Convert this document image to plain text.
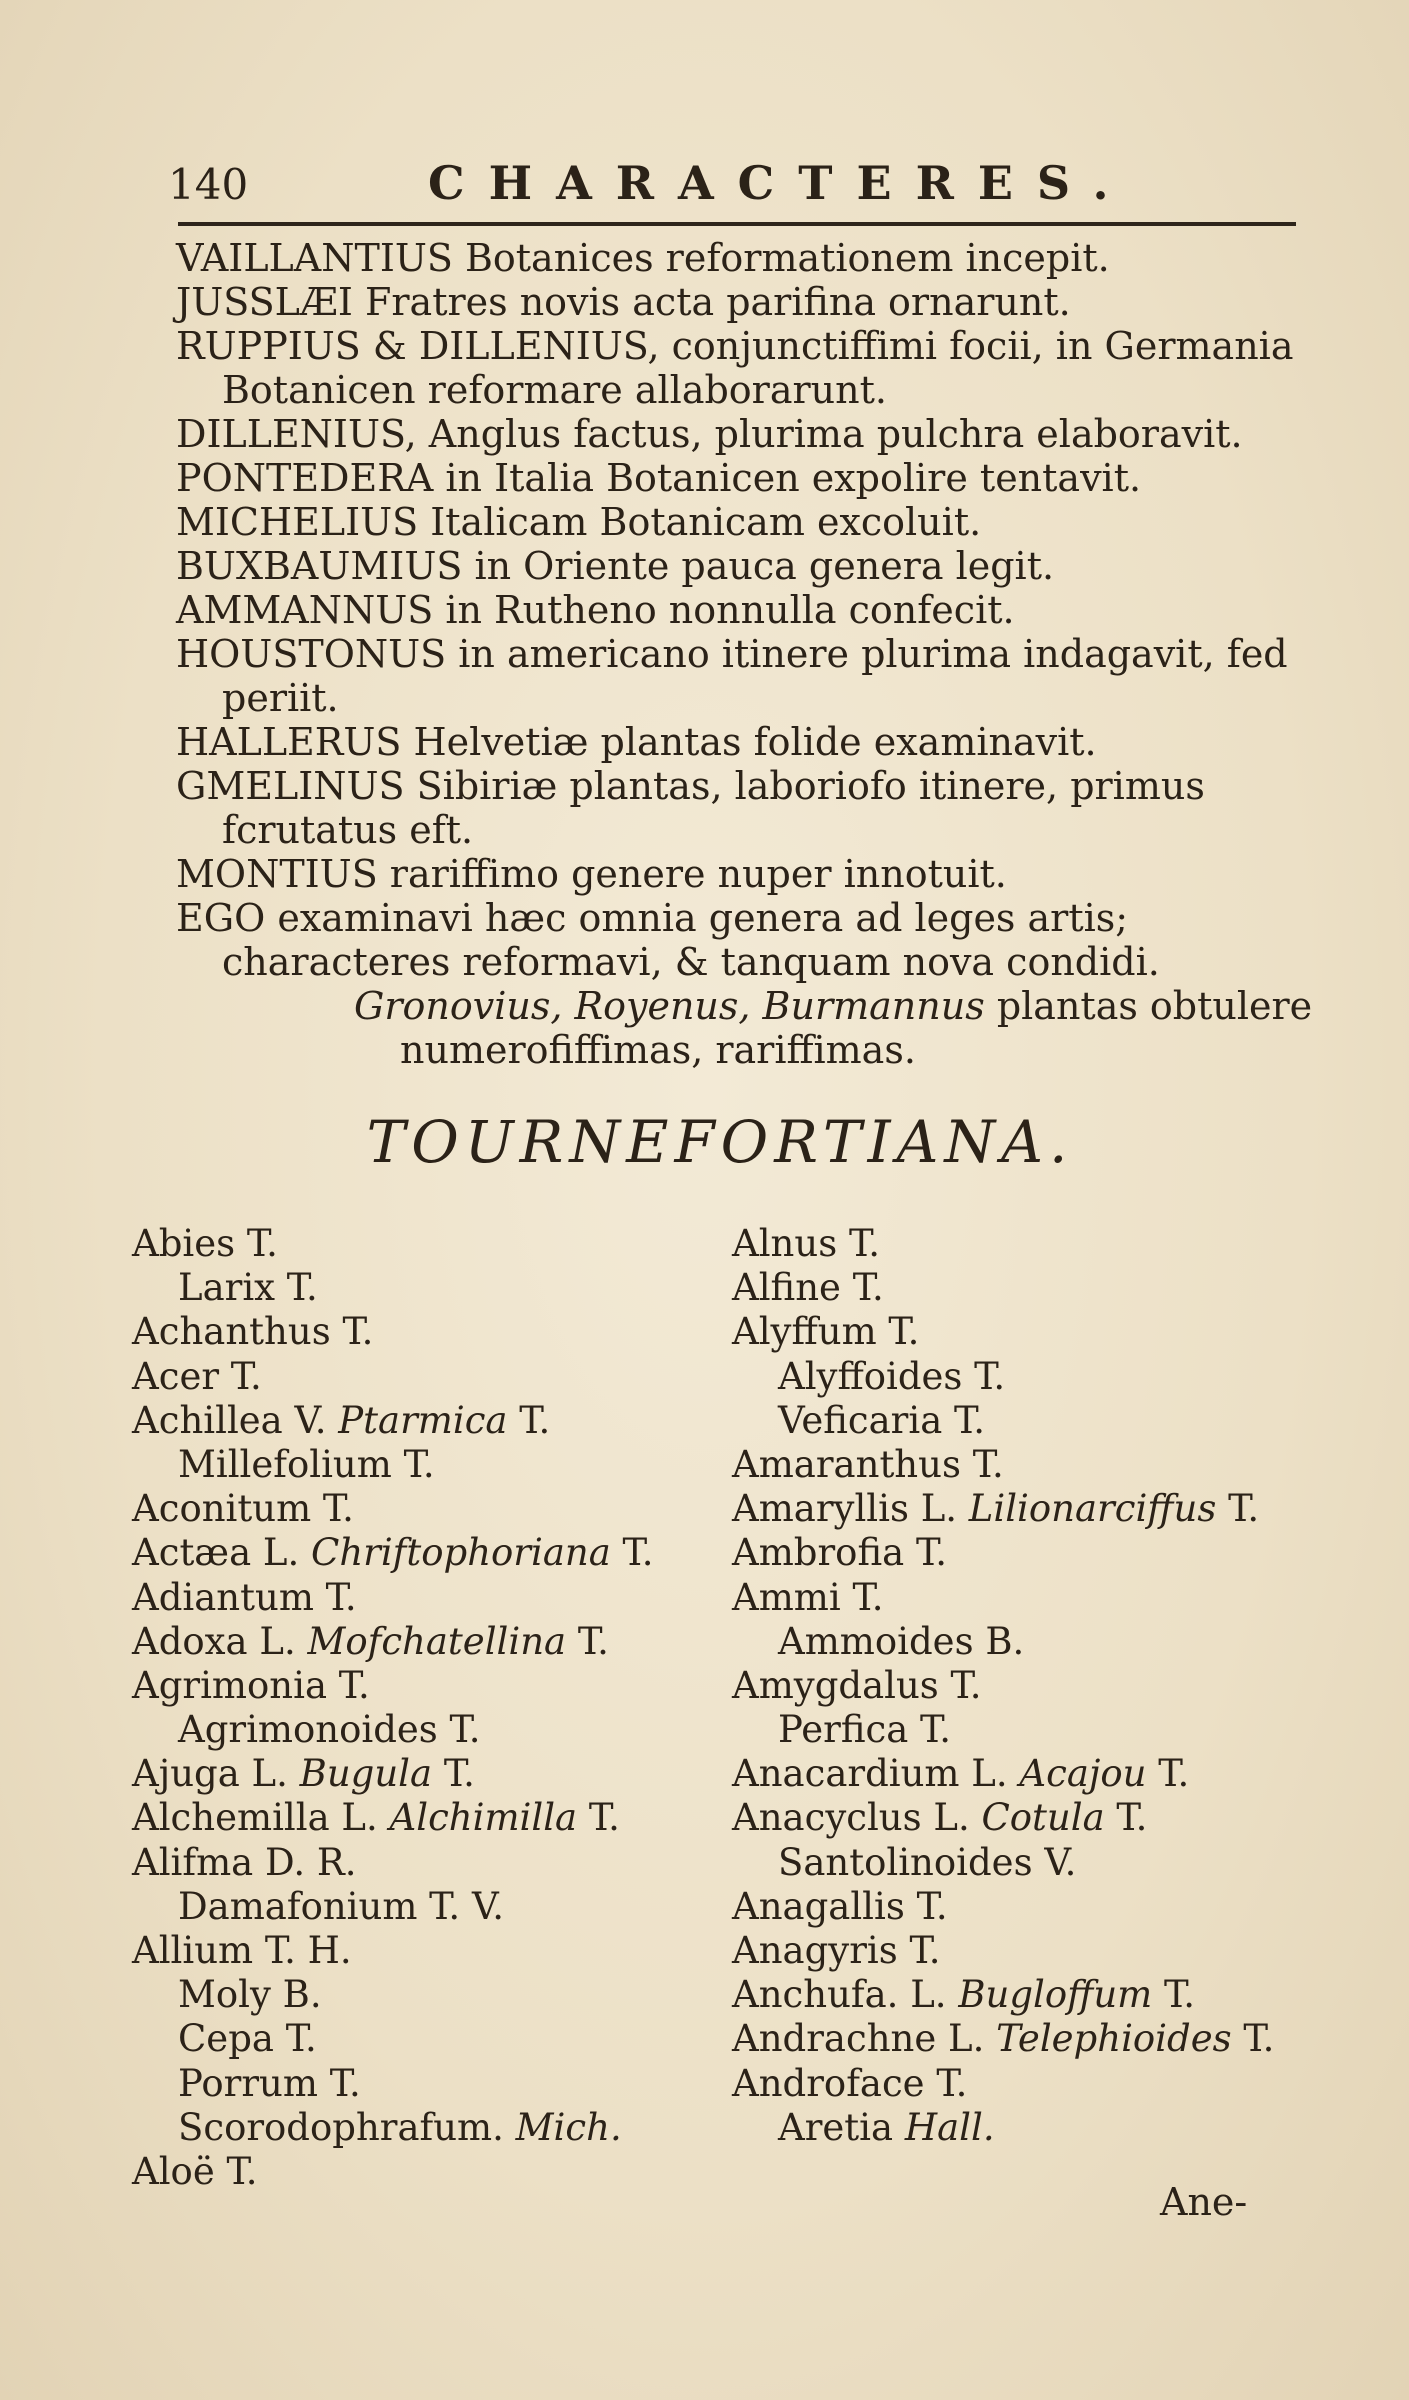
140	CHARACTERES.

VAILLANTIUS Botanices reformationem incepit.

JUSSLÆI Fratres novis acta parifina ornarunt.

RUPPIUS & DILLENIUS, conjunctiffimi focii, in Germania Botanicen reformare allaborarunt.

DILLENIUS, Anglus factus, plurima pulchra elaboravit.

PONTEDERA in Italia Botanicen expolire tentavit.

MICHELIUS Italicam Botanicam excoluit.

BUXBAUMIUS in Oriente pauca genera legit.

AMMANNUS in Rutheno nonnulla confecit.

HOUSTONUS in americano itinere plurima indagavit, fed periit.

HALLERUS Helvetiæ plantas folide examinavit.

GMELINUS Sibiriæ plantas, laboriofo itinere, primus fcrutatus eft.

MONTIUS rariffimo genere nuper innotuit.

EGO examinavi hæc omnia genera ad leges artis; characteres reformavi, & tanquam nova condidi.

Gronovius, Royenus, Burmannus plantas obtulere numerofiffimas, rariffimas.

TOURNEFORTIANA.
Abies T.
Larix T.
Achanthus T.
Acer T.
Achillea V. Ptarmica T.
Millefolium T.
Aconitum T.
Actæa L. Chriftophoriana T.
Adiantum T.
Adoxa L. Mofchatellina T.
Agrimonia T.
Agrimonoides T.
Ajuga L. Bugula T.
Alchemilla L. Alchimilla T.
Alifma D. R.
Damafonium T. V.
Allium T. H.
Moly B.
Cepa T.
Porrum T.
Scorodophrafum. Mich.
Aloë T.
Alnus T.
Alfine T.
Alyffum T.
Alyffoides T.
Veficaria T.
Amaranthus T.
Amaryllis L. Lilionarciffus T.
Ambrofia T.
Ammi T.
Ammoides B.
Amygdalus T.
Perfica T.
Anacardium L. Acajou T.
Anacyclus L. Cotula T.
Santolinoides V.
Anagallis T.
Anagyris T.
Anchufa. L. Bugloffum T.
Andrachne L. Telephioides T.
Androface T.
Aretia Hall.
Ane-
